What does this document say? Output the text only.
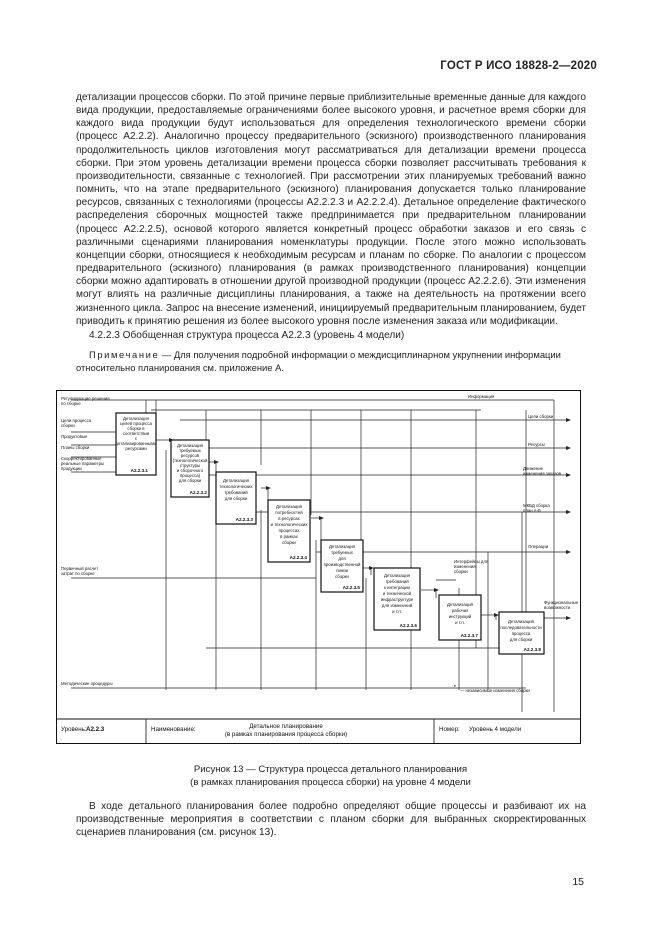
ГОСТ Р ИСО 18828-2—2020

детализации процессов сборки. По этой причине первые приблизительные временные данные для каждого вида продукции, предоставляемые ограничениями более высокого уровня, и расчетное время сборки для каждого вида продукции будут использоваться для определения технологического времени сборки (процесс А2.2.2). Аналогично процессу предварительного (эскизного) производственного планирования продолжительность циклов изготовления могут рассматриваться для детализации времени процесса сборки. При этом уровень детализации времени процесса сборки позволяет рассчитывать требования к производительности, связанные с технологией. При рассмотрении этих планируемых требований важно помнить, что на этапе предварительного (эскизного) планирования допускается только планирование ресурсов, связанных с технологиями (процессы А2.2.2.3 и А2.2.2.4). Детальное определение фактического распределения сборочных мощностей также предпринимается при предварительном планировании (процесс А2.2.2.5), основой которого является конкретный процесс обработки заказов и его связь с различными сценариями планирования номенклатуры продукции. После этого можно использовать концепции сборки, относящиеся к необходимым ресурсам и планам по сборке. По аналогии с процессом предварительного (эскизного) планирования (в рамках производственного планирования) концепции сборки можно адаптировать в отношении другой производной продукции (процесс А2.2.2.6). Эти изменения могут влиять на различные дисциплины планирования, а также на деятельность на протяжении всего жизненного цикла. Запрос на внесение изменений, инициируемый предварительным планированием, будет приводить к принятию решения из более высокого уровня после изменения заказа или модификации.

4.2.2.3 Обобщенная структура процесса А2.2.3 (уровень 4 модели)

Примечание — Для получения подробной информации о междисциплинарном укрупнении информации

относительно планирования см. приложение А.

Детализация
целей процесса
сборки в
соответствии
с
детализированными
ресурсами
A2.2.3.1
Детализация
требуемых
ресурсов
(технологической
структуры
и сборочного
процесса)
для сборки
A2.2.3.2
Детализация
технологических
требований
для сборки
A2.2.3.3
Детализация
потребностей
в ресурсах
и технологических
процессах
в рамках
сборки
A2.2.3.4
Детализация
требуемых
для
производственной
линии
сборки
A2.2.3.5
Детализация
требований
к интеграции
и технической
инфраструктуре
для изменений
и т.п.
A2.2.3.6
Детализация
рабочих
инструкций
и т.п.
A2.2.3.7
Детализация
последовательности
процесса
для сборки
A2.2.3.8
Регулирующие решения
по сборке
Цели процесса
сборки
Продуктовые
Планы сборки
Скорректированные
реальные параметры
продукции
Первичный расчет
затрат по сборке
Методические процедуры
Информация
Цели сборки
Ресурсы
Движение
изменения заказов
МКБД сборка
план А-Б
Операции
Интерфейсы для
изменения
сборки
Функциональные
возможности
*
— независимые изменения сборки
Уровень: A2.2.3	Наименование:	Детальное планирование
(в рамках планирования процесса сборки)
Номер: Уровень 4 модели
Рисунок 13 — Структура процесса детального планирования
(в рамках планирования процесса сборки) на уровне 4 модели

В ходе детального планирования более подробно определяют общие процессы и разбивают их на производственные мероприятия в соответствии с планом сборки для выбранных скорректированных сценариев планирования (см. рисунок 13).

15
